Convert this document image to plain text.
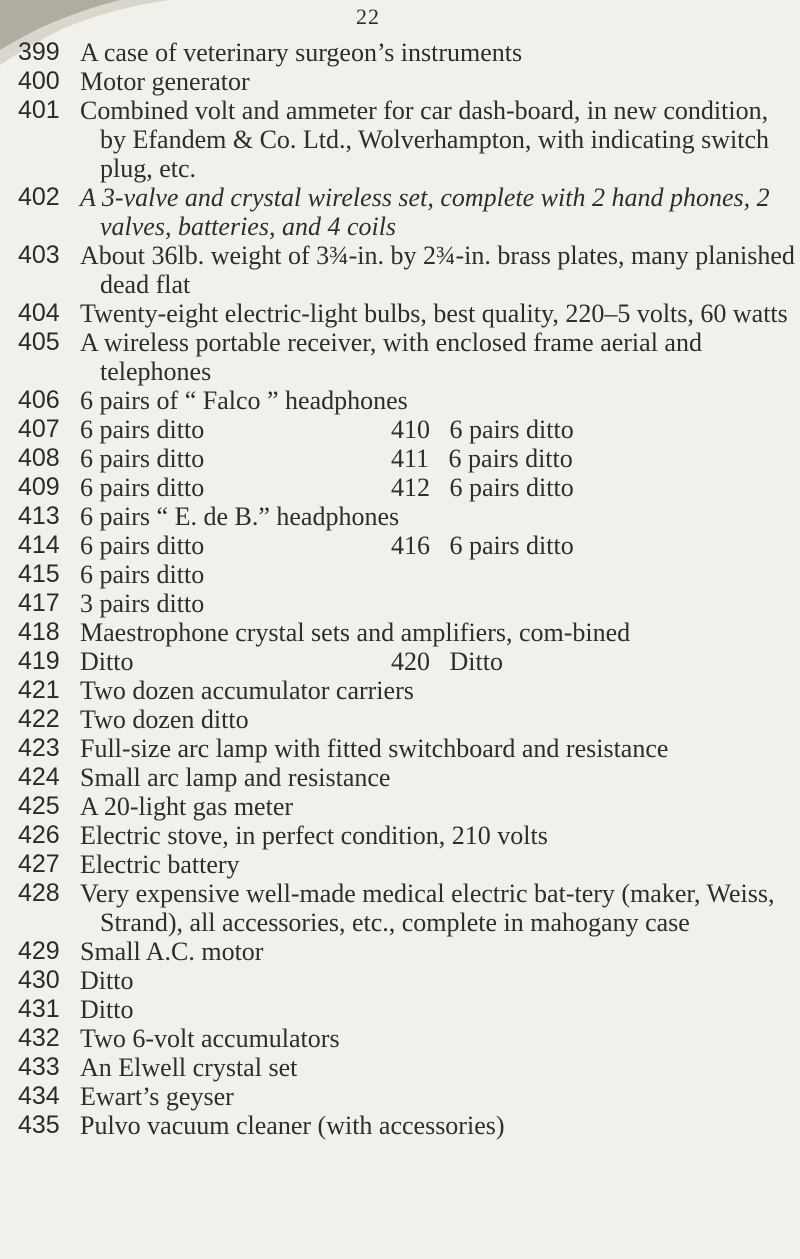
22
399 A case of veterinary surgeon’s instruments
400 Motor generator
401 Combined volt and ammeter for car dash-board, in new condition, by Efandem & Co. Ltd., Wolverhampton, with indicating switch plug, etc.
402 A 3-valve and crystal wireless set, complete with 2 hand phones, 2 valves, batteries, and 4 coils
403 About 36lb. weight of 3¾-in. by 2¾-in. brass plates, many planished dead flat
404 Twenty-eight electric-light bulbs, best quality, 220–5 volts, 60 watts
405 A wireless portable receiver, with enclosed frame aerial and telephones
406 6 pairs of “ Falco ” headphones
407 6 pairs ditto	410 6 pairs ditto
408 6 pairs ditto	411 6 pairs ditto
409 6 pairs ditto	412 6 pairs ditto
413 6 pairs “ E. de B.” headphones
414 6 pairs ditto	416 6 pairs ditto
415 6 pairs ditto
417 3 pairs ditto
418 Maestrophone crystal sets and amplifiers, com-bined
419 Ditto	420 Ditto
421 Two dozen accumulator carriers
422 Two dozen ditto
423 Full-size arc lamp with fitted switchboard and resistance
424 Small arc lamp and resistance
425 A 20-light gas meter
426 Electric stove, in perfect condition, 210 volts
427 Electric battery
428 Very expensive well-made medical electric bat-tery (maker, Weiss, Strand), all accessories, etc., complete in mahogany case
429 Small A.C. motor
430 Ditto
431 Ditto
432 Two 6-volt accumulators
433 An Elwell crystal set
434 Ewart’s geyser
435 Pulvo vacuum cleaner (with accessories)
